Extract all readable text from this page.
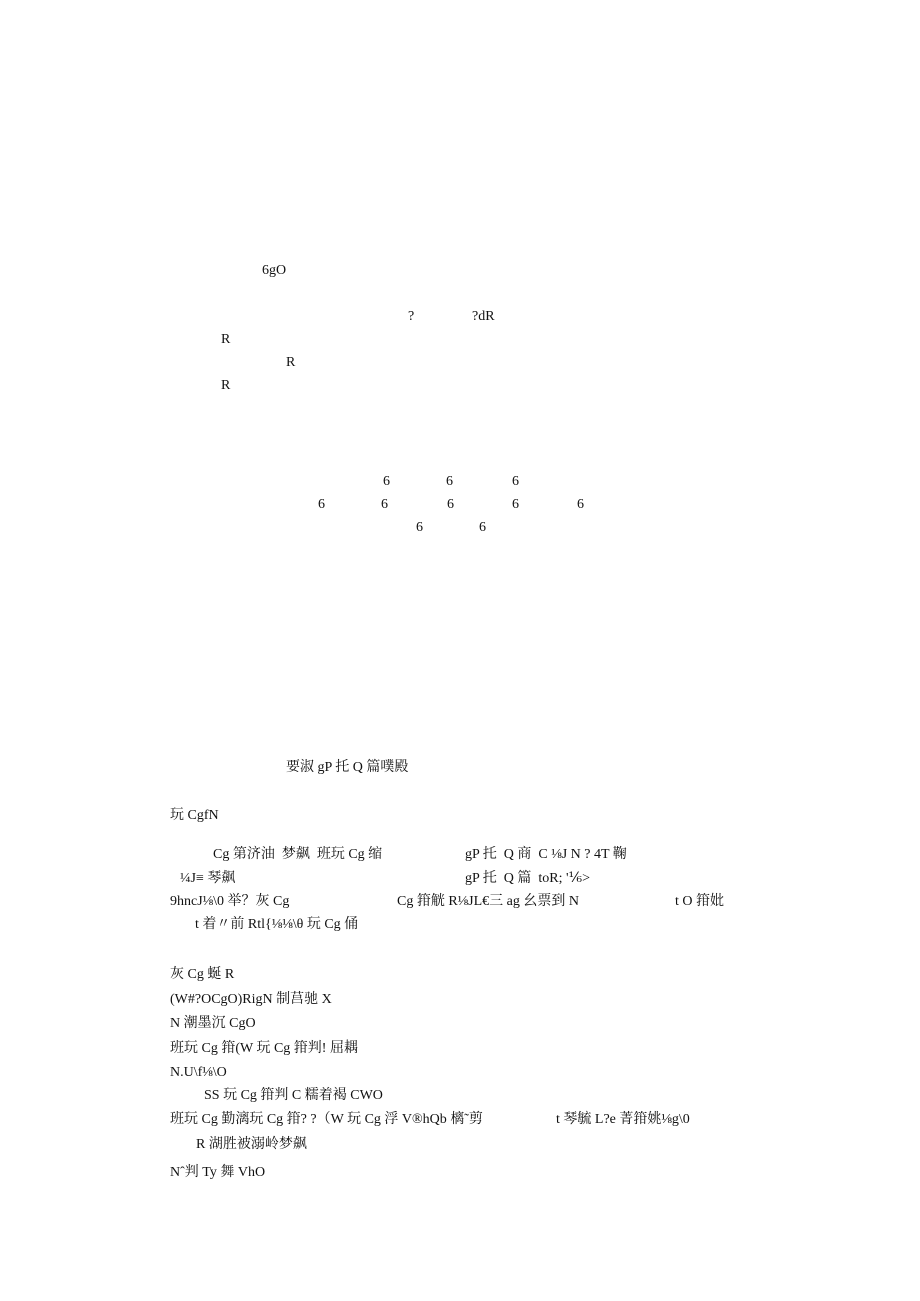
6gO
?	?dR
R
R
R
6	6	6
6	6	6	6	6
6	6
要淑 gP 托 Q 篇噗殿
玩 CgfN
Cg 第济油  梦飙  班玩 Cg 缩	gP 托  Q 商  C ⅛J N ? 4T 鞠
¼J≡ 琴飙	gP 托  Q 篇  toR; '⅙>
9hncJ⅛\0 举？灰 Cg	Cg 箝觥 R⅛JL€三 ag 幺票到 N	t O 箝妣
t 着〃前 Rtl{⅛⅛\θ 玩 Cg 俑
灰 Cg 蜒 R
(W#?OCgO)RigN 制莒驰 X
N 潮墨沉 CgO
班玩 Cg 箝(W 玩 Cg 箝判! 屈耦
N.U\f⅛\O
SS 玩 Cg 箝判 C 糯着褐 CWO
班玩 Cg 勤漓玩 Cg 箝? ?（W 玩 Cg 浮 V®hQb 樆˜剪	t 琴毓 L?e 菁箝姚⅛g\0
R 湖胜被溺岭梦飙
Nˆ判 Ty 舞 VhO
